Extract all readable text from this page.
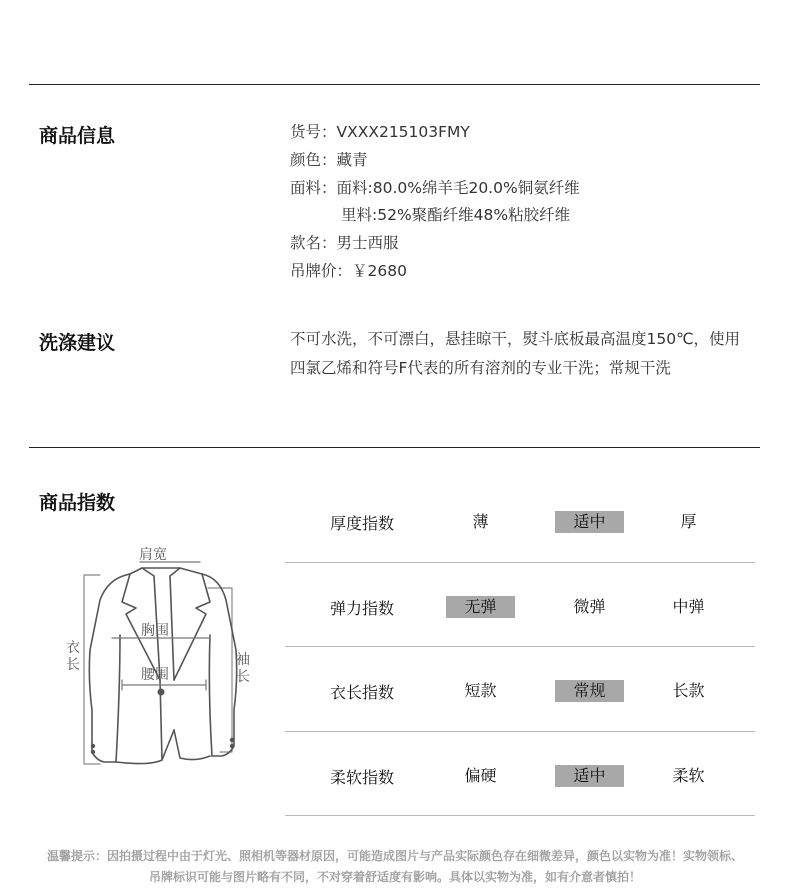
商品信息	货号：VXXX215103FMY
颜色：藏青
面料：面料:80.0%绵羊毛20.0%铜氨纤维
里料:52%聚酯纤维48%粘胶纤维
款名：男士西服
吊牌价：￥2680
洗涤建议	不可水洗，不可漂白，悬挂晾干，熨斗底板最高温度150℃，使用四氯乙烯和符号F代表的所有溶剂的专业干洗；常规干洗
商品指数
肩宽
胸围
腰围
衣长	袖长
厚度指数	薄	适中	厚
弹力指数	无弹	微弹	中弹
衣长指数	短款	常规	长款
柔软指数	偏硬	适中	柔软
温馨提示：因拍摄过程中由于灯光、照相机等器材原因，可能造成图片与产品实际颜色存在细微差异，颜色以实物为准！实物领标、
吊牌标识可能与图片略有不同，不对穿着舒适度有影响。具体以实物为准，如有介意者慎拍！
